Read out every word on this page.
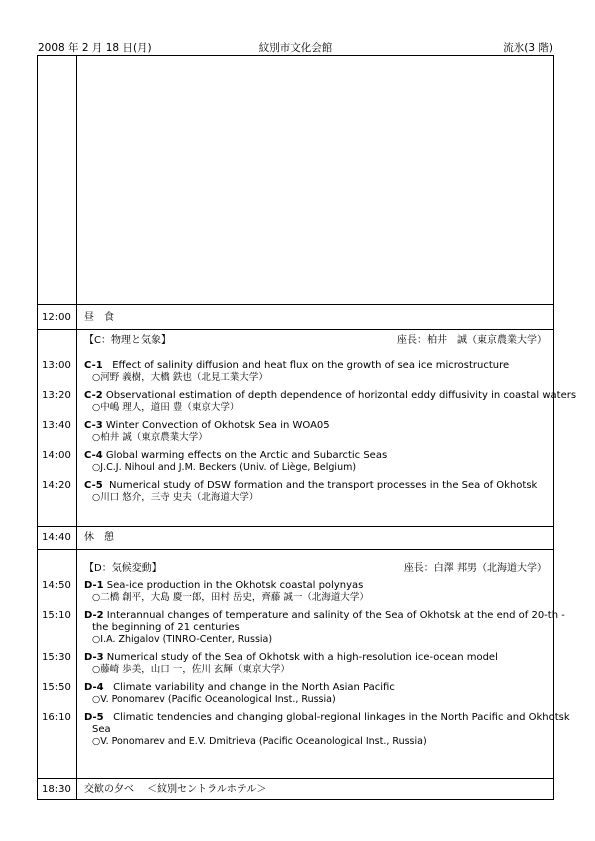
2008 年 2 月 18 日(月)	紋別市文化会館	流氷(3 階)
12:00	昼　食
【C：物理と気象】	座長：柏井　誠（東京農業大学）
13:00	C-1 Effect of salinity diffusion and heat flux on the growth of sea ice microstructure
○河野 義樹，大橋 鉄也（北見工業大学）
13:20	C-2 Observational estimation of depth dependence of horizontal eddy diffusivity in coastal waters
○中嶋 理人，道田 豊（東京大学）
13:40	C-3 Winter Convection of Okhotsk Sea in WOA05
○柏井 誠（東京農業大学）
14:00	C-4 Global warming effects on the Arctic and Subarctic Seas
○J.C.J. Nihoul and J.M. Beckers (Univ. of Liège, Belgium)
14:20	C-5 Numerical study of DSW formation and the transport processes in the Sea of Okhotsk
○川口 悠介，三寺 史夫（北海道大学）
14:40	休　憩
【D：気候変動】	座長：白澤 邦男（北海道大学）
14:50	D-1 Sea-ice production in the Okhotsk coastal polynyas
○二橋 創平，大島 慶一郎，田村 岳史，齊藤 誠一（北海道大学）
15:10	D-2 Interannual changes of temperature and salinity of the Sea of Okhotsk at the end of 20-th -
the beginning of 21 centuries
○I.A. Zhigalov (TINRO-Center, Russia)
15:30	D-3 Numerical study of the Sea of Okhotsk with a high-resolution ice-ocean model
○藤崎 歩美，山口 一，佐川 玄輝（東京大学）
15:50	D-4 Climate variability and change in the North Asian Pacific
○V. Ponomarev (Pacific Oceanological Inst., Russia)
16:10	D-5 Climatic tendencies and changing global-regional linkages in the North Pacific and Okhotsk
Sea
○V. Ponomarev and E.V. Dmitrieva (Pacific Oceanological Inst., Russia)
18:30	交歓の夕べ　 ＜紋別セントラルホテル＞
